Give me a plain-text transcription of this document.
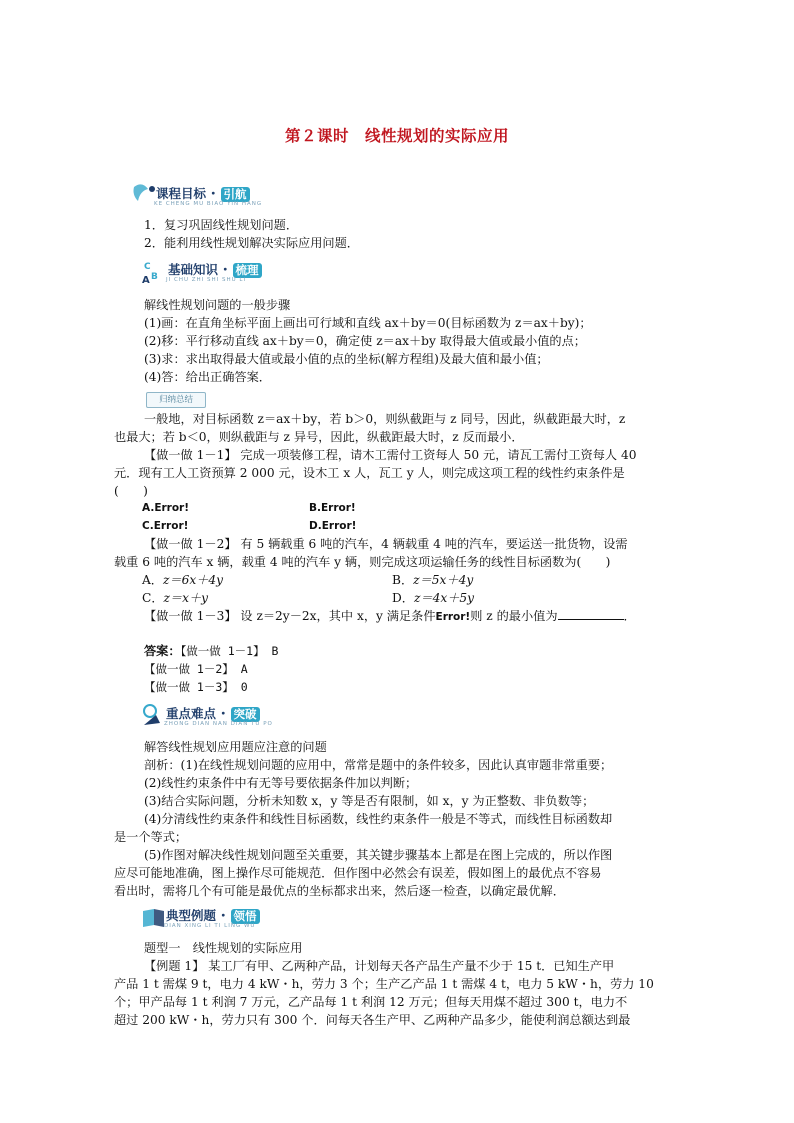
第２课时　线性规划的实际应用
课程目标・ 引航
KE CHENG MU BIAO YIN HANG
1．复习巩固线性规划问题．
2．能利用线性规划解决实际应用问题．
C
A B 基础知识・ 梳理
JI CHU ZHI SHI SHU LI
解线性规划问题的一般步骤
(1)画：在直角坐标平面上画出可行域和直线 ax＋by＝0(目标函数为 z＝ax＋by)；
(2)移：平行移动直线 ax＋by＝0，确定使 z＝ax＋by 取得最大值或最小值的点；
(3)求：求出取得最大值或最小值的点的坐标(解方程组)及最大值和最小值；
(4)答：给出正确答案．
归纳总结
一般地，对目标函数 z＝ax＋by，若 b＞0，则纵截距与 z 同号，因此，纵截距最大时，z
也最大；若 b＜0，则纵截距与 z 异号，因此，纵截距最大时，z 反而最小．
【做一做 1－1】 完成一项装修工程，请木工需付工资每人 50 元，请瓦工需付工资每人 40
元．现有工人工资预算 2 000 元，设木工 x 人，瓦工 y 人，则完成这项工程的线性约束条件是
(　　)
A.Error!	B.Error!
C.Error!	D.Error!
【做一做 1－2】 有 5 辆载重 6 吨的汽车，4 辆载重 4 吨的汽车，要运送一批货物，设需
载重 6 吨的汽车 x 辆，载重 4 吨的汽车 y 辆，则完成这项运输任务的线性目标函数为(　　)
A．z＝6x＋4y	B．z＝5x＋4y
C．z＝x＋y	D．z＝4x＋5y
【做一做 1－3】 设 z＝2y－2x，其中 x，y 满足条件Error!则 z 的最小值为	．
答案：【做一做 1－1】 B
【做一做 1－2】 A
【做一做 1－3】 0
重点难点・ 突破
ZHONG DIAN NAN DIAN TU PO
解答线性规划应用题应注意的问题
剖析：(1)在线性规划问题的应用中，常常是题中的条件较多，因此认真审题非常重要；
(2)线性约束条件中有无等号要依据条件加以判断；
(3)结合实际问题，分析未知数 x，y 等是否有限制，如 x，y 为正整数、非负数等；
(4)分清线性约束条件和线性目标函数，线性约束条件一般是不等式，而线性目标函数却
是一个等式；
(5)作图对解决线性规划问题至关重要，其关键步骤基本上都是在图上完成的，所以作图
应尽可能地准确，图上操作尽可能规范．但作图中必然会有误差，假如图上的最优点不容易
看出时，需将几个有可能是最优点的坐标都求出来，然后逐一检查，以确定最优解．
典型例题・ 领悟
DIAN XING LI TI LING WU
题型一　线性规划的实际应用
【例题 1】 某工厂有甲、乙两种产品，计划每天各产品生产量不少于 15 t．已知生产甲
产品 1 t 需煤 9 t，电力 4 kW・h，劳力 3 个；生产乙产品 1 t 需煤 4 t，电力 5 kW・h，劳力 10
个；甲产品每 1 t 利润 7 万元，乙产品每 1 t 利润 12 万元；但每天用煤不超过 300 t，电力不
超过 200 kW・h，劳力只有 300 个．问每天各生产甲、乙两种产品多少，能使利润总额达到最
